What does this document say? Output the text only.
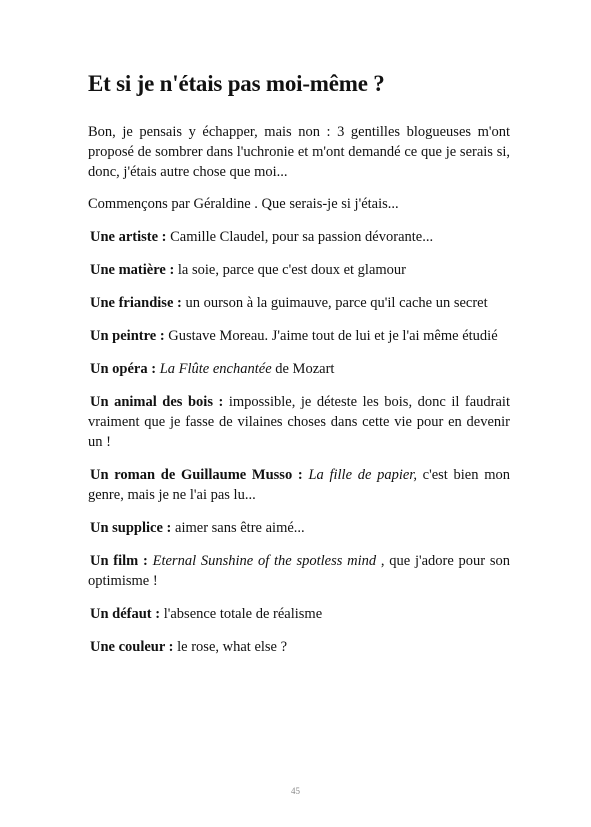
Et si je n'étais pas moi-même ?

Bon, je pensais y échapper, mais non : 3 gentilles blogueuses m'ont proposé de sombrer dans l'uchronie et m'ont demandé ce que je serais si, donc, j'étais autre chose que moi...

Commençons par Géraldine . Que serais-je si j'étais...

Une artiste : Camille Claudel, pour sa passion dévorante...

Une matière : la soie, parce que c'est doux et glamour

Une friandise : un ourson à la guimauve, parce qu'il cache un secret

Un peintre : Gustave Moreau. J'aime tout de lui et je l'ai même étudié

Un opéra : La Flûte enchantée de Mozart

Un animal des bois : impossible, je déteste les bois, donc il faudrait vraiment que je fasse de vilaines choses dans cette vie pour en devenir un !

Un roman de Guillaume Musso : La fille de papier, c'est bien mon genre, mais je ne l'ai pas lu...

Un supplice : aimer sans être aimé...

Un film : Eternal Sunshine of the spotless mind , que j'adore pour son optimisme !

Un défaut : l'absence totale de réalisme

Une couleur : le rose, what else ?

45
